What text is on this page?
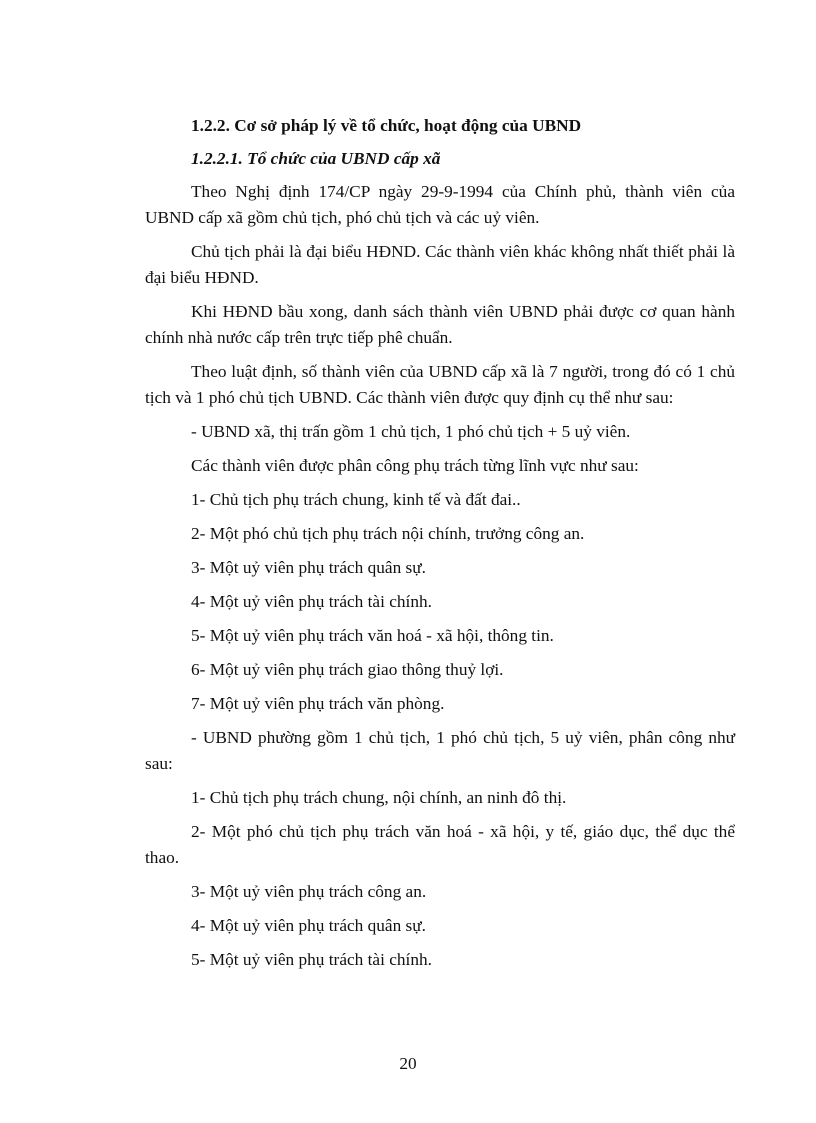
1.2.2. Cơ sở pháp lý về tổ chức, hoạt động của UBND

1.2.2.1. Tổ chức của UBND cấp xã

Theo Nghị định 174/CP ngày 29-9-1994 của Chính phủ, thành viên của UBND cấp xã gồm chủ tịch, phó chủ tịch và các uỷ viên.

Chủ tịch phải là đại biểu HĐND. Các thành viên khác không nhất thiết phải là đại biểu HĐND.

Khi HĐND bầu xong, danh sách thành viên UBND phải được cơ quan hành chính nhà nước cấp trên trực tiếp phê chuẩn.

Theo luật định, số thành viên của UBND cấp xã là 7 người, trong đó có 1 chủ tịch và 1 phó chủ tịch UBND. Các thành viên được quy định cụ thể như sau:

- UBND xã, thị trấn gồm 1 chủ tịch, 1 phó chủ tịch + 5 uỷ viên.

Các thành viên được phân công phụ trách từng lĩnh vực như sau:

1- Chủ tịch phụ trách chung, kinh tế và đất đai..

2- Một phó chủ tịch phụ trách nội chính, trưởng công an.

3- Một uỷ viên phụ trách quân sự.

4- Một uỷ viên phụ trách tài chính.

5- Một uỷ viên phụ trách văn hoá - xã hội, thông tin.

6- Một uỷ viên phụ trách giao thông thuỷ lợi.

7- Một uỷ viên phụ trách văn phòng.

- UBND phường gồm 1 chủ tịch, 1 phó chủ tịch, 5 uỷ viên, phân công như sau:

1- Chủ tịch phụ trách chung, nội chính, an ninh đô thị.

2- Một phó chủ tịch phụ trách văn hoá - xã hội, y tế, giáo dục, thể dục thể thao.

3- Một uỷ viên phụ trách công an.

4- Một uỷ viên phụ trách quân sự.

5- Một uỷ viên phụ trách tài chính.

20
